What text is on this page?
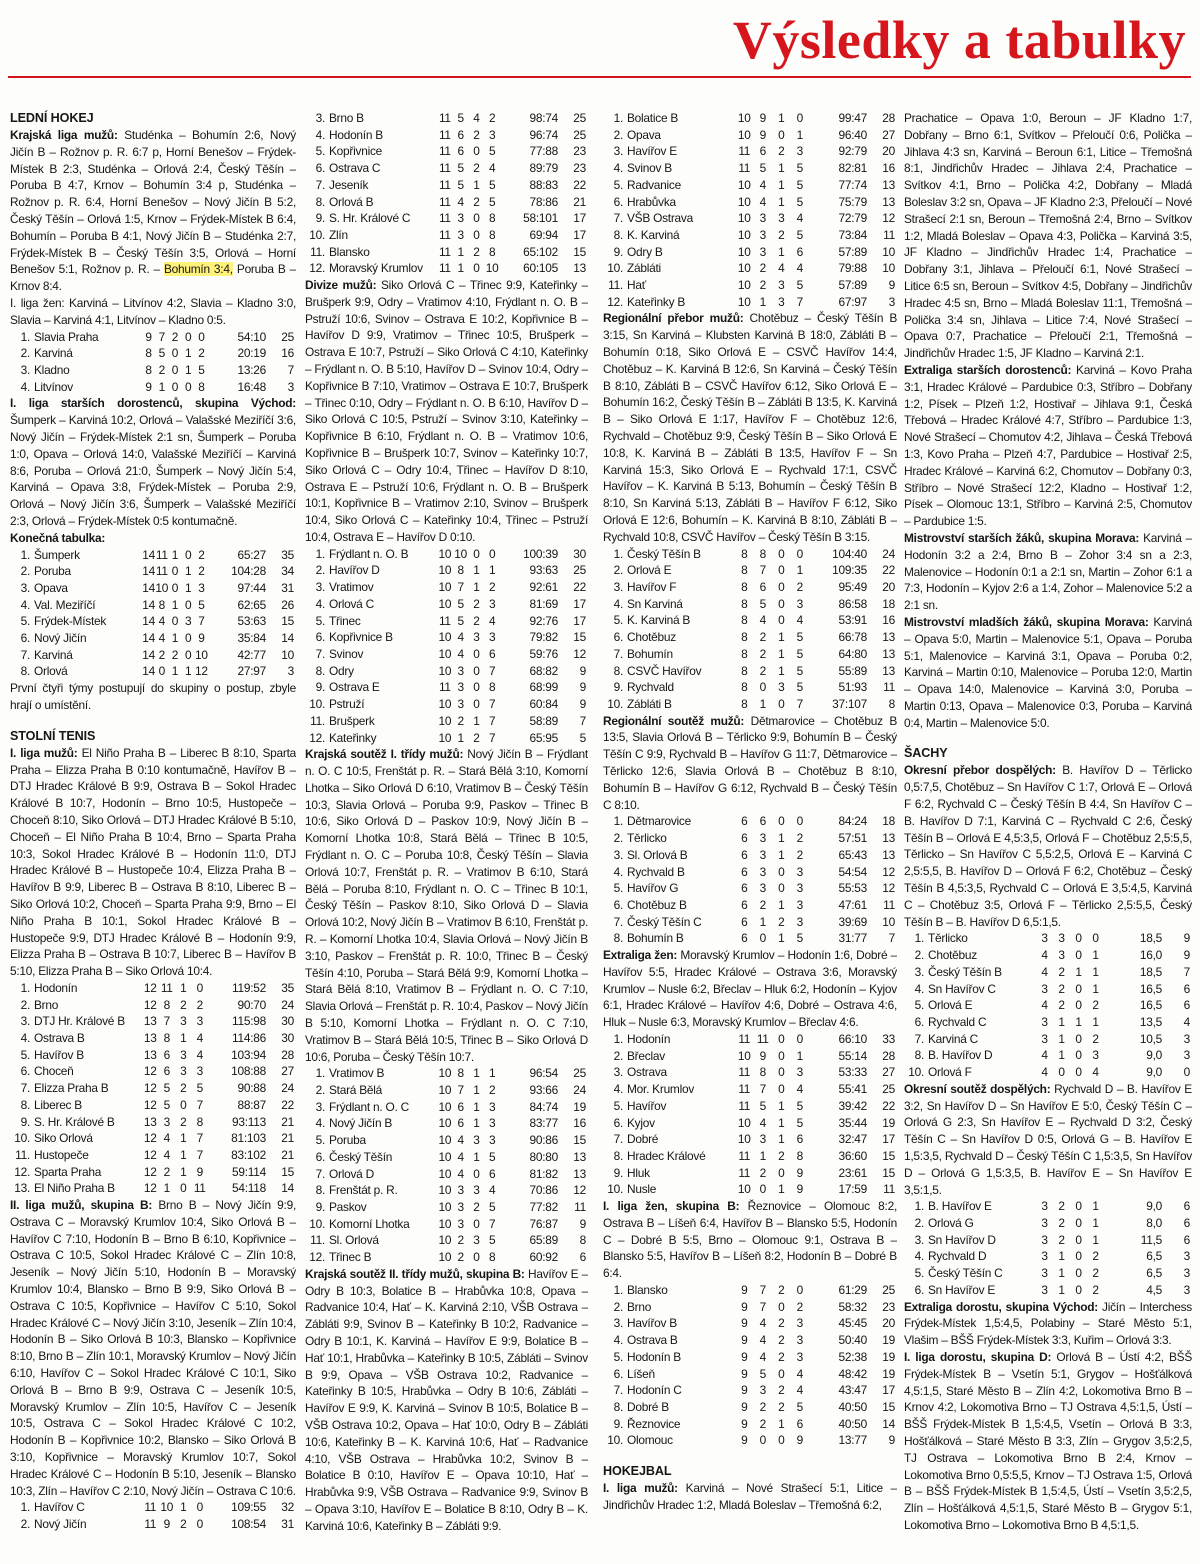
Výsledky a tabulky
LEDNÍ HOKEJ
Krajská liga mužů: Studénka – Bohumín 2:6, Nový Jičín B – Rožnov p. R. 6:7 p, Horní Benešov – Frýdek-Místek B 2:3, Studénka – Orlová 2:4, Český Těšín – Poruba B 4:7, Krnov – Bohumín 3:4 p, Studénka – Rožnov p. R. 6:4, Horní Benešov – Nový Jičín B 5:2, Český Těšín – Orlová 1:5, Krnov – Frýdek-Místek B 6:4, Bohumín – Poruba B 4:1, Nový Jičín B – Studénka 2:7, Frýdek-Místek B – Český Těšín 3:5, Orlová – Horní Benešov 5:1, Rožnov p. R. – Bohumín 3:4, Poruba B – Krnov 8:4.
I. liga žen: Karviná – Litvínov 4:2, Slavia – Kladno 3:0, Slavia – Karviná 4:1, Litvínov – Kladno 0:5.
1.	Slavia Praha	9	7	2	0	0	54:10	25
2.	Karviná	8	5	0	1	2	20:19	16
3.	Kladno	8	2	0	1	5	13:26	7
4.	Litvínov	9	1	0	0	8	16:48	3
I. liga starších dorostenců, skupina Východ: Šumperk – Karviná 10:2, Orlová – Valašské Meziříčí 3:6, Nový Jičín – Frýdek-Místek 2:1 sn, Šumperk – Poruba 1:0, Opava – Orlová 14:0, Valašské Meziříčí – Karviná 8:6, Poruba – Orlová 21:0, Šumperk – Nový Jičín 5:4, Karviná – Opava 3:8, Frýdek-Místek – Poruba 2:9, Orlová – Nový Jičín 3:6, Šumperk – Valašské Meziříčí 2:3, Orlová – Frýdek-Místek 0:5 kontumačně.
Konečná tabulka:
1.	Šumperk	14	11	1	0	2	65:27	35
2.	Poruba	14	11	0	1	2	104:28	34
3.	Opava	14	10	0	1	3	97:44	31
4.	Val. Meziříčí	14	8	1	0	5	62:65	26
5.	Frýdek-Místek	14	4	0	3	7	53:63	15
6.	Nový Jičín	14	4	1	0	9	35:84	14
7.	Karviná	14	2	2	0	10	42:77	10
8.	Orlová	14	0	1	1	12	27:97	3
První čtyři týmy postupují do skupiny o postup, zbyle hrají o umístění.
STOLNÍ TENIS
I. liga mužů: El Niño Praha B – Liberec B 8:10, Sparta Praha – Elizza Praha B 0:10 kontumačně, Havířov B – DTJ Hradec Králové B 9:9, Ostrava B – Sokol Hradec Králové B 10:7, Hodonín – Brno 10:5, Hustopeče – Choceň 8:10, Siko Orlová – DTJ Hradec Králové B 5:10, Choceň – El Niño Praha B 10:4, Brno – Sparta Praha 10:3, Sokol Hradec Králové B – Hodonín 11:0, DTJ Hradec Králové B – Hustopeče 10:4, Elizza Praha B – Havířov B 9:9, Liberec B – Ostrava B 8:10, Liberec B – Siko Orlová 10:2, Choceň – Sparta Praha 9:9, Brno – El Niño Praha B 10:1, Sokol Hradec Králové B – Hustopeče 9:9, DTJ Hradec Králové B – Hodonín 9:9, Elizza Praha B – Ostrava B 10:7, Liberec B – Havířov B 5:10, Elizza Praha B – Siko Orlová 10:4.
1.	Hodonín	12	11	1	0	119:52	35
2.	Brno	12	8	2	2	90:70	24
3.	DTJ Hr. Králové B	13	7	3	3	115:98	30
4.	Ostrava B	13	8	1	4	114:86	30
5.	Havířov B	13	6	3	4	103:94	28
6.	Choceň	12	6	3	3	108:88	27
7.	Elizza Praha B	12	5	2	5	90:88	24
8.	Liberec B	12	5	0	7	88:87	22
9.	S. Hr. Králové B	13	3	2	8	93:113	21
10.	Siko Orlová	12	4	1	7	81:103	21
11.	Hustopeče	12	4	1	7	83:102	21
12.	Sparta Praha	12	2	1	9	59:114	15
13.	El Niño Praha B	12	1	0	11	54:118	14
II. liga mužů, skupina B: Brno B – Nový Jičín 9:9, Ostrava C – Moravský Krumlov 10:4, Siko Orlová B – Havířov C 7:10, Hodonín B – Brno B 6:10, Kopřivnice – Ostrava C 10:5, Sokol Hradec Králové C – Zlín 10:8, Jeseník – Nový Jičín 5:10, Hodonín B – Moravský Krumlov 10:4, Blansko – Brno B 9:9, Siko Orlová B – Ostrava C 10:5, Kopřivnice – Havířov C 5:10, Sokol Hradec Králové C – Nový Jičín 3:10, Jeseník – Zlín 10:4, Hodonín B – Siko Orlová B 10:3, Blansko – Kopřivnice 8:10, Brno B – Zlín 10:1, Moravský Krumlov – Nový Jičín 6:10, Havířov C – Sokol Hradec Králové C 10:1, Siko Orlová B – Brno B 9:9, Ostrava C – Jeseník 10:5, Moravský Krumlov – Zlín 10:5, Havířov C – Jeseník 10:5, Ostrava C – Sokol Hradec Králové C 10:2, Hodonín B – Kopřivnice 10:2, Blansko – Siko Orlová B 3:10, Kopřivnice – Moravský Krumlov 10:7, Sokol Hradec Králové C – Hodonín B 5:10, Jeseník – Blansko 10:3, Zlín – Havířov C 2:10, Nový Jičín – Ostrava C 10:6.
1.	Havířov C	11	10	1	0	109:55	32
2.	Nový Jičín	11	9	2	0	108:54	31
3.	Brno B	11	5	4	2	98:74	25
4.	Hodonín B	11	6	2	3	96:74	25
5.	Kopřivnice	11	6	0	5	77:88	23
6.	Ostrava C	11	5	2	4	89:79	23
7.	Jeseník	11	5	1	5	88:83	22
8.	Orlová B	11	4	2	5	78:86	21
9.	S. Hr. Králové C	11	3	0	8	58:101	17
10.	Zlín	11	3	0	8	69:94	17
11.	Blansko	11	1	2	8	65:102	15
12.	Moravský Krumlov	11	1	0	10	60:105	13
Divize mužů: Siko Orlová C – Třinec 9:9, Kateřinky – Brušperk 9:9, Odry – Vratimov 4:10, Frýdlant n. O. B – Pstruží 10:6, Svinov – Ostrava E 10:2, Kopřivnice B – Havířov D 9:9, Vratimov – Třinec 10:5, Brušperk – Ostrava E 10:7, Pstruží – Siko Orlová C 4:10, Kateřinky – Frýdlant n. O. B 5:10, Havířov D – Svinov 10:4, Odry – Kopřivnice B 7:10, Vratimov – Ostrava E 10:7, Brušperk – Třinec 0:10, Odry – Frýdlant n. O. B 6:10, Havířov D – Siko Orlová C 10:5, Pstruží – Svinov 3:10, Kateřinky – Kopřivnice B 6:10, Frýdlant n. O. B – Vratimov 10:6, Kopřivnice B – Brušperk 10:7, Svinov – Kateřinky 10:7, Siko Orlová C – Odry 10:4, Třinec – Havířov D 8:10, Ostrava E – Pstruží 10:6, Frýdlant n. O. B – Brušperk 10:1, Kopřivnice B – Vratimov 2:10, Svinov – Brušperk 10:4, Siko Orlová C – Kateřinky 10:4, Třinec – Pstruží 10:4, Ostrava E – Havířov D 0:10.
1.	Frýdlant n. O. B	10	10	0	0	100:39	30
2.	Havířov D	10	8	1	1	93:63	25
3.	Vratimov	10	7	1	2	92:61	22
4.	Orlová C	10	5	2	3	81:69	17
5.	Třinec	11	5	2	4	92:76	17
6.	Kopřivnice B	10	4	3	3	79:82	15
7.	Svinov	10	4	0	6	59:76	12
8.	Odry	10	3	0	7	68:82	9
9.	Ostrava E	11	3	0	8	68:99	9
10.	Pstruží	10	3	0	7	60:84	9
11.	Brušperk	10	2	1	7	58:89	7
12.	Kateřinky	10	1	2	7	65:95	5
Krajská soutěž I. třídy mužů: Nový Jičín B – Frýdlant n. O. C 10:5, Frenštát p. R. – Stará Bělá 3:10, Komorní Lhotka – Siko Orlová D 6:10, Vratimov B – Český Těšín 10:3, Slavia Orlová – Poruba 9:9, Paskov – Třinec B 10:6, Siko Orlová D – Paskov 10:9, Nový Jičín B – Komorní Lhotka 10:8, Stará Bělá – Třinec B 10:5, Frýdlant n. O. C – Poruba 10:8, Český Těšín – Slavia Orlová 10:7, Frenštát p. R. – Vratimov B 6:10, Stará Bělá – Poruba 8:10, Frýdlant n. O. C – Třinec B 10:1, Český Těšín – Paskov 8:10, Siko Orlová D – Slavia Orlová 10:2, Nový Jičín B – Vratimov B 6:10, Frenštát p. R. – Komorní Lhotka 10:4, Slavia Orlová – Nový Jičín B 3:10, Paskov – Frenštát p. R. 10:0, Třinec B – Český Těšín 4:10, Poruba – Stará Bělá 9:9, Komorní Lhotka – Stará Bělá 8:10, Vratimov B – Frýdlant n. O. C 7:10, Slavia Orlová – Frenštát p. R. 10:4, Paskov – Nový Jičín B 5:10, Komorní Lhotka – Frýdlant n. O. C 7:10, Vratimov B – Stará Bělá 10:5, Třinec B – Siko Orlová D 10:6, Poruba – Český Těšín 10:7.
1.	Vratimov B	10	8	1	1	96:54	25
2.	Stará Bělá	10	7	1	2	93:66	24
3.	Frýdlant n. O. C	10	6	1	3	84:74	19
4.	Nový Jičín B	10	6	1	3	83:77	16
5.	Poruba	10	4	3	3	90:86	15
6.	Český Těšín	10	4	1	5	80:80	13
7.	Orlová D	10	4	0	6	81:82	13
8.	Frenštát p. R.	10	3	3	4	70:86	12
9.	Paskov	10	3	2	5	77:82	11
10.	Komorní Lhotka	10	3	0	7	76:87	9
11.	Sl. Orlová	10	2	3	5	65:89	8
12.	Třinec B	10	2	0	8	60:92	6
Krajská soutěž II. třídy mužů, skupina B: Havířov E – Odry B 10:3, Bolatice B – Hrabůvka 10:8, Opava – Radvanice 10:4, Hať – K. Karviná 2:10, VŠB Ostrava – Zábláti 9:9, Svinov B – Kateřinky B 10:2, Radvanice – Odry B 10:1, K. Karviná – Havířov E 9:9, Bolatice B – Hať 10:1, Hrabůvka – Kateřinky B 10:5, Zábláti – Svinov B 9:9, Opava – VŠB Ostrava 10:2, Radvanice – Kateřinky B 10:5, Hrabůvka – Odry B 10:6, Zábláti – Havířov E 9:9, K. Karviná – Svinov B 10:5, Bolatice B – VŠB Ostrava 10:2, Opava – Hať 10:0, Odry B – Zábláti 10:6, Kateřinky B – K. Karviná 10:6, Hať – Radvanice 4:10, VŠB Ostrava – Hrabůvka 10:2, Svinov B – Bolatice B 0:10, Havířov E – Opava 10:10, Hať – Hrabůvka 9:9, VŠB Ostrava – Radvanice 9:9, Svinov B – Opava 3:10, Havířov E – Bolatice B 8:10, Odry B – K. Karviná 10:6, Kateřinky B – Zábláti 9:9.
1.	Bolatice B	10	9	1	0	99:47	28
2.	Opava	10	9	0	1	96:40	27
3.	Havířov E	11	6	2	3	92:79	20
4.	Svinov B	11	5	1	5	82:81	16
5.	Radvanice	10	4	1	5	77:74	13
6.	Hrabůvka	10	4	1	5	75:79	13
7.	VŠB Ostrava	10	3	3	4	72:79	12
8.	K. Karviná	10	3	2	5	73:84	11
9.	Odry B	10	3	1	6	57:89	10
10.	Zábláti	10	2	4	4	79:88	10
11.	Hať	10	2	3	5	57:89	9
12.	Kateřinky B	10	1	3	7	67:97	3
Regionální přebor mužů: Chotěbuz – Český Těšín B 3:15, Sn Karviná – Klubsten Karviná B 18:0, Zábláti B – Bohumín 0:18, Siko Orlová E – CSVČ Havířov 14:4, Chotěbuz – K. Karviná B 12:6, Sn Karviná – Český Těšín B 8:10, Zábláti B – CSVČ Havířov 6:12, Siko Orlová E – Bohumín 16:2, Český Těšín B – Zábláti B 13:5, K. Karviná B – Siko Orlová E 1:17, Havířov F – Chotěbuz 12:6, Rychvald – Chotěbuz 9:9, Český Těšín B – Siko Orlová E 10:8, K. Karviná B – Zábláti B 13:5, Havířov F – Sn Karviná 15:3, Siko Orlová E – Rychvald 17:1, CSVČ Havířov – K. Karviná B 5:13, Bohumín – Český Těšín B 8:10, Sn Karviná 5:13, Zábláti B – Havířov F 6:12, Siko Orlová E 12:6, Bohumín – K. Karviná B 8:10, Zábláti B – Rychvald 10:8, CSVČ Havířov – Český Těšín B 3:15.
1.	Český Těšín B	8	8	0	0	104:40	24
2.	Orlová E	8	7	0	1	109:35	22
3.	Havířov F	8	6	0	2	95:49	20
4.	Sn Karviná	8	5	0	3	86:58	18
5.	K. Karviná B	8	4	0	4	53:91	16
6.	Chotěbuz	8	2	1	5	66:78	13
7.	Bohumín	8	2	1	5	64:80	13
8.	CSVČ Havířov	8	2	1	5	55:89	13
9.	Rychvald	8	0	3	5	51:93	11
10.	Zábláti B	8	1	0	7	37:107	8
Regionální soutěž mužů: Dětmarovice – Chotěbuz B 13:5, Slavia Orlová B – Těrlicko 9:9, Bohumín B – Český Těšín C 9:9, Rychvald B – Havířov G 11:7, Dětmarovice – Těrlicko 12:6, Slavia Orlová B – Chotěbuz B 8:10, Bohumín B – Havířov G 6:12, Rychvald B – Český Těšín C 8:10.
1.	Dětmarovice	6	6	0	0	84:24	18
2.	Těrlicko	6	3	1	2	57:51	13
3.	Sl. Orlová B	6	3	1	2	65:43	13
4.	Rychvald B	6	3	0	3	54:54	12
5.	Havířov G	6	3	0	3	55:53	12
6.	Chotěbuz B	6	2	1	3	47:61	11
7.	Český Těšín C	6	1	2	3	39:69	10
8.	Bohumín B	6	0	1	5	31:77	7
Extraliga žen: Moravský Krumlov – Hodonín 1:6, Dobré – Havířov 5:5, Hradec Králové – Ostrava 3:6, Moravský Krumlov – Nusle 6:2, Břeclav – Hluk 6:2, Hodonín – Kyjov 6:1, Hradec Králové – Havířov 4:6, Dobré – Ostrava 4:6, Hluk – Nusle 6:3, Moravský Krumlov – Břeclav 4:6.
1.	Hodonín	11	11	0	0	66:10	33
2.	Břeclav	10	9	0	1	55:14	28
3.	Ostrava	11	8	0	3	53:33	27
4.	Mor. Krumlov	11	7	0	4	55:41	25
5.	Havířov	11	5	1	5	39:42	22
6.	Kyjov	10	4	1	5	35:44	19
7.	Dobré	10	3	1	6	32:47	17
8.	Hradec Králové	11	1	2	8	36:60	15
9.	Hluk	11	2	0	9	23:61	15
10.	Nusle	10	0	1	9	17:59	11
I. liga žen, skupina B: Řeznovice – Olomouc 8:2, Ostrava B – Líšeň 6:4, Havířov B – Blansko 5:5, Hodonín C – Dobré B 5:5, Brno – Olomouc 9:1, Ostrava B – Blansko 5:5, Havířov B – Líšeň 8:2, Hodonín B – Dobré B 6:4.
1.	Blansko	9	7	2	0	61:29	25
2.	Brno	9	7	0	2	58:32	23
3.	Havířov B	9	4	2	3	45:45	20
4.	Ostrava B	9	4	2	3	50:40	19
5.	Hodonín B	9	4	2	3	52:38	19
6.	Líšeň	9	5	0	4	48:42	19
7.	Hodonín C	9	3	2	4	43:47	17
8.	Dobré B	9	2	2	5	40:50	15
9.	Řeznovice	9	2	1	6	40:50	14
10.	Olomouc	9	0	0	9	13:77	9
HOKEJBAL
I. liga mužů: Karviná – Nové Strašecí 5:1, Litice – Jindřichův Hradec 1:2, Mladá Boleslav – Třemošná 6:2,
Prachatice – Opava 1:0, Beroun – JF Kladno 1:7, Dobřany – Brno 6:1, Svítkov – Přeloučí 0:6, Polička – Jihlava 4:3 sn, Karviná – Beroun 6:1, Litice – Třemošná 8:1, Jindřichův Hradec – Jihlava 2:4, Prachatice – Svítkov 4:1, Brno – Polička 4:2, Dobřany – Mladá Boleslav 3:2 sn, Opava – JF Kladno 2:3, Přeloučí – Nové Strašecí 2:1 sn, Beroun – Třemošná 2:4, Brno – Svítkov 1:2, Mladá Boleslav – Opava 4:3, Polička – Karviná 3:5, JF Kladno – Jindřichův Hradec 1:4, Prachatice – Dobřany 3:1, Jihlava – Přeloučí 6:1, Nové Strašecí – Litice 6:5 sn, Beroun – Svítkov 4:5, Dobřany – Jindřichův Hradec 4:5 sn, Brno – Mladá Boleslav 11:1, Třemošná – Polička 3:4 sn, Jihlava – Litice 7:4, Nové Strašecí – Opava 0:7, Prachatice – Přeloučí 2:1, Třemošná – Jindřichův Hradec 1:5, JF Kladno – Karviná 2:1.
Extraliga starších dorostenců: Karviná – Kovo Praha 3:1, Hradec Králové – Pardubice 0:3, Stříbro – Dobřany 1:2, Písek – Plzeň 1:2, Hostivař – Jihlava 9:1, Česká Třebová – Hradec Králové 4:7, Stříbro – Pardubice 1:3, Nové Strašecí – Chomutov 4:2, Jihlava – Česká Třebová 1:3, Kovo Praha – Plzeň 4:7, Pardubice – Hostivař 2:5, Hradec Králové – Karviná 6:2, Chomutov – Dobřany 0:3, Stříbro – Nové Strašecí 12:2, Kladno – Hostivař 1:2, Písek – Olomouc 13:1, Stříbro – Karviná 2:5, Chomutov – Pardubice 1:5.
Mistrovství starších žáků, skupina Morava: Karviná – Hodonín 3:2 a 2:4, Brno B – Zohor 3:4 sn a 2:3, Malenovice – Hodonín 0:1 a 2:1 sn, Martin – Zohor 6:1 a 7:3, Hodonín – Kyjov 2:6 a 1:4, Zohor – Malenovice 5:2 a 2:1 sn.
Mistrovství mladších žáků, skupina Morava: Karviná – Opava 5:0, Martin – Malenovice 5:1, Opava – Poruba 5:1, Malenovice – Karviná 3:1, Opava – Poruba 0:2, Karviná – Martin 0:10, Malenovice – Poruba 12:0, Martin – Opava 14:0, Malenovice – Karviná 3:0, Poruba – Martin 0:13, Opava – Malenovice 0:3, Poruba – Karviná 0:4, Martin – Malenovice 5:0.
ŠACHY
Okresní přebor dospělých: B. Havířov D – Těrlicko 0,5:7,5, Chotěbuz – Sn Havířov C 1:7, Orlová E – Orlová F 6:2, Rychvald C – Český Těšín B 4:4, Sn Havířov C – B. Havířov D 7:1, Karviná C – Rychvald C 2:6, Český Těšín B – Orlová E 4,5:3,5, Orlová F – Chotěbuz 2,5:5,5, Těrlicko – Sn Havířov C 5,5:2,5, Orlová E – Karviná C 2,5:5,5, B. Havířov D – Orlová F 6:2, Chotěbuz – Český Těšín B 4,5:3,5, Rychvald C – Orlová E 3,5:4,5, Karviná C – Chotěbuz 3:5, Orlová F – Těrlicko 2,5:5,5, Český Těšín B – B. Havířov D 6,5:1,5.
1.	Těrlicko	3	3	0	0	18,5	9
2.	Chotěbuz	4	3	0	1	16,0	9
3.	Český Těšín B	4	2	1	1	18,5	7
4.	Sn Havířov C	3	2	0	1	16,5	6
5.	Orlová E	4	2	0	2	16,5	6
6.	Rychvald C	3	1	1	1	13,5	4
7.	Karviná C	3	1	0	2	10,5	3
8.	B. Havířov D	4	1	0	3	9,0	3
10.	Orlová F	4	0	0	4	9,0	0
Okresní soutěž dospělých: Rychvald D – B. Havířov E 3:2, Sn Havířov D – Sn Havířov E 5:0, Český Těšín C – Orlová G 2:3, Sn Havířov E – Rychvald D 3:2, Český Těšín C – Sn Havířov D 0:5, Orlová G – B. Havířov E 1,5:3,5, Rychvald D – Český Těšín C 1,5:3,5, Sn Havířov D – Orlová G 1,5:3,5, B. Havířov E – Sn Havířov E 3,5:1,5.
1.	B. Havířov E	3	2	0	1	9,0	6
2.	Orlová G	3	2	0	1	8,0	6
3.	Sn Havířov D	3	2	0	1	11,5	6
4.	Rychvald D	3	1	0	2	6,5	3
5.	Český Těšín C	3	1	0	2	6,5	3
6.	Sn Havířov E	3	1	0	2	4,5	3
Extraliga dorostu, skupina Východ: Jičín – Interchess Frýdek-Místek 1,5:4,5, Polabiny – Staré Město 5:1, Vlašim – BŠŠ Frýdek-Místek 3:3, Kuřim – Orlová 3:3.
I. liga dorostu, skupina D: Orlová B – Ústí 4:2, BŠŠ Frýdek-Místek B – Vsetín 5:1, Grygov – Hošťálková 4,5:1,5, Staré Město B – Zlín 4:2, Lokomotiva Brno B – Krnov 4:2, Lokomotiva Brno – TJ Ostrava 4,5:1,5, Ústí – BŠŠ Frýdek-Místek B 1,5:4,5, Vsetín – Orlová B 3:3, Hošťálková – Staré Město B 3:3, Zlín – Grygov 3,5:2,5, TJ Ostrava – Lokomotiva Brno B 2:4, Krnov – Lokomotiva Brno 0,5:5,5, Krnov – TJ Ostrava 1:5, Orlová B – BŠŠ Frýdek-Místek B 1,5:4,5, Ústí – Vsetín 3,5:2,5, Zlín – Hošťálková 4,5:1,5, Staré Město B – Grygov 5:1, Lokomotiva Brno – Lokomotiva Brno B 4,5:1,5.
